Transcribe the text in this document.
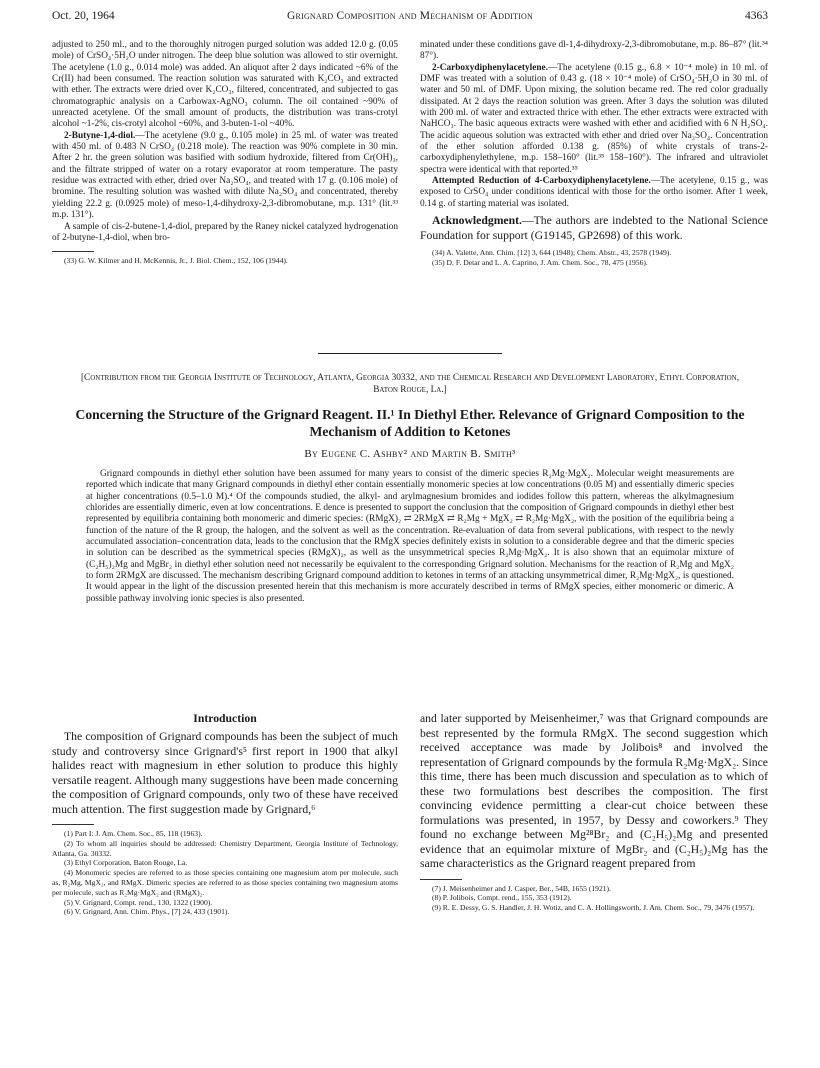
Oct. 20, 1964	Grignard Composition and Mechanism of Addition	4363

adjusted to 250 ml., and to the thoroughly nitrogen purged solution was added 12.0 g. (0.05 mole) of CrSO₄·5H₂O under nitrogen. The deep blue solution was allowed to stir overnight. The acetylene (1.0 g., 0.014 mole) was added. An aliquot after 2 days indicated ~6% of the Cr(II) had been consumed. The reaction solution was saturated with K₂CO₃ and extracted with ether. The extracts were dried over K₂CO₃, filtered, concentrated, and subjected to gas chromatographic analysis on a Carbowax-AgNO₃ column. The oil contained ~90% of unreacted acetylene. Of the small amount of products, the distribution was trans-crotyl alcohol ~1-2%, cis-crotyl alcohol ~60%, and 3-buten-1-ol ~40%.

2-Butyne-1,4-diol.—The acetylene (9.0 g., 0.105 mole) in 25 ml. of water was treated with 450 ml. of 0.483 N CrSO₄ (0.218 mole). The reaction was 90% complete in 30 min. After 2 hr. the green solution was basified with sodium hydroxide, filtered from Cr(OH)₃, and the filtrate stripped of water on a rotary evaporator at room temperature. The pasty residue was extracted with ether, dried over Na₂SO₄, and treated with 17 g. (0.106 mole) of bromine. The resulting solution was washed with dilute Na₂SO₄ and concentrated, thereby yielding 22.2 g. (0.0925 mole) of meso-1,4-dihydroxy-2,3-dibromobutane, m.p. 131° (lit.³³ m.p. 131°).

A sample of cis-2-butene-1,4-diol, prepared by the Raney nickel catalyzed hydrogenation of 2-butyne-1,4-diol, when bro-

(33) G. W. Kilmer and H. McKennis, Jr., J. Biol. Chem., 152, 106 (1944).

minated under these conditions gave dl-1,4-dihydroxy-2,3-dibromobutane, m.p. 86–87° (lit.³⁴ 87°).

2-Carboxydiphenylacetylene.—The acetylene (0.15 g., 6.8 × 10⁻⁴ mole) in 10 ml. of DMF was treated with a solution of 0.43 g. (18 × 10⁻⁴ mole) of CrSO₄·5H₂O in 30 ml. of water and 50 ml. of DMF. Upon mixing, the solution became red. The red color gradually dissipated. At 2 days the reaction solution was green. After 3 days the solution was diluted with 200 ml. of water and extracted thrice with ether. The ether extracts were extracted with NaHCO₃. The basic aqueous extracts were washed with ether and acidified with 6 N H₂SO₄. The acidic aqueous solution was extracted with ether and dried over Na₂SO₄. Concentration of the ether solution afforded 0.138 g. (85%) of white crystals of trans-2-carboxydiphenylethylene, m.p. 158–160° (lit.³⁵ 158–160°). The infrared and ultraviolet spectra were identical with that reported.³⁵

Attempted Reduction of 4-Carboxydiphenylacetylene.—The acetylene, 0.15 g., was exposed to CrSO₄ under conditions identical with those for the ortho isomer. After 1 week, 0.14 g. of starting material was isolated.

Acknowledgment.—The authors are indebted to the National Science Foundation for support (G19145, GP2698) of this work.

(34) A. Valette, Ann. Chim. [12] 3, 644 (1948); Chem. Abstr., 43, 2578 (1949).

(35) D. F. Detar and L. A. Caprino, J. Am. Chem. Soc., 78, 475 (1956).

[Contribution from the Georgia Institute of Technology, Atlanta, Georgia 30332, and the Chemical Research and Development Laboratory, Ethyl Corporation, Baton Rouge, La.]
Concerning the Structure of the Grignard Reagent. II.¹ In Diethyl Ether. Relevance of Grignard Composition to the Mechanism of Addition to Ketones
By Eugene C. Ashby² and Martin B. Smith³
Grignard compounds in diethyl ether solution have been assumed for many years to consist of the dimeric species R₂Mg·MgX₂. Molecular weight measurements are reported which indicate that many Grignard compounds in diethyl ether contain essentially monomeric species at low concentrations (0.05 M) and essentially dimeric species at higher concentrations (0.5–1.0 M).⁴ Of the compounds studied, the alkyl- and arylmagnesium bromides and iodides follow this pattern, whereas the alkylmagnesium chlorides are essentially dimeric, even at low concentrations. E dence is presented to support the conclusion that the composition of Grignard compounds in diethyl ether best represented by equilibria containing both monomeric and dimeric species: (RMgX)₂ ⇄ 2RMgX ⇄ R₂Mg + MgX₂ ⇄ R₂Mg·MgX₂, with the position of the equilibria being a function of the nature of the R group, the halogen, and the solvent as well as the concentration. Re-evaluation of data from several publications, with respect to the newly accumulated association–concentration data, leads to the conclusion that the RMgX species definitely exists in solution to a considerable degree and that the dimeric species in solution can be described as the symmetrical species (RMgX)₂, as well as the unsymmetrical species R₂Mg·MgX₂. It is also shown that an equimolar mixture of (C₂H₅)₂Mg and MgBr₂ in diethyl ether solution need not necessarily be equivalent to the corresponding Grignard solution. Mechanisms for the reaction of R₂Mg and MgX₂ to form 2RMgX are discussed. The mechanism describing Grignard compound addition to ketones in terms of an attacking unsymmetrical dimer, R₂Mg·MgX₂, is questioned. It would appear in the light of the discussion presented herein that this mechanism is more accurately described in terms of RMgX species, either monomeric or dimeric. A possible pathway involving ionic species is also presented.
Introduction

The composition of Grignard compounds has been the subject of much study and controversy since Grignard's⁵ first report in 1900 that alkyl halides react with magnesium in ether solution to produce this highly versatile reagent. Although many suggestions have been made concerning the composition of Grignard compounds, only two of these have received much attention. The first suggestion made by Grignard,⁶

(1) Part I: J. Am. Chem. Soc., 85, 118 (1963).

(2) To whom all inquiries should be addressed: Chemistry Department, Georgia Institute of Technology, Atlanta, Ga. 30332.

(3) Ethyl Corporation, Baton Rouge, La.

(4) Monomeric species are referred to as those species containing one magnesium atom per molecule, such as, R₂Mg, MgX₂, and RMgX. Dimeric species are referred to as those species containing two magnesium atoms per molecule, such as R₂Mg·MgX₂ and (RMgX)₂.

(5) V. Grignard, Compt. rend., 130, 1322 (1900).

(6) V. Grignard, Ann. Chim. Phys., [7] 24, 433 (1901).

and later supported by Meisenheimer,⁷ was that Grignard compounds are best represented by the formula RMgX. The second suggestion which received acceptance was made by Jolibois⁸ and involved the representation of Grignard compounds by the formula R₂Mg·MgX₂. Since this time, there has been much discussion and speculation as to which of these two formulations best describes the composition. The first convincing evidence permitting a clear-cut choice between these formulations was presented, in 1957, by Dessy and coworkers.⁹ They found no exchange between Mg²⁸Br₂ and (C₂H₅)₂Mg and presented evidence that an equimolar mixture of MgBr₂ and (C₂H₅)₂Mg has the same characteristics as the Grignard reagent prepared from

(7) J. Meisenheimer and J. Casper, Ber., 54B, 1655 (1921).

(8) P. Jolibois, Compt. rend., 155, 353 (1912).

(9) R. E. Dessy, G. S. Handler, J. H. Wotiz, and C. A. Hollingsworth, J. Am. Chem. Soc., 79, 3476 (1957).
